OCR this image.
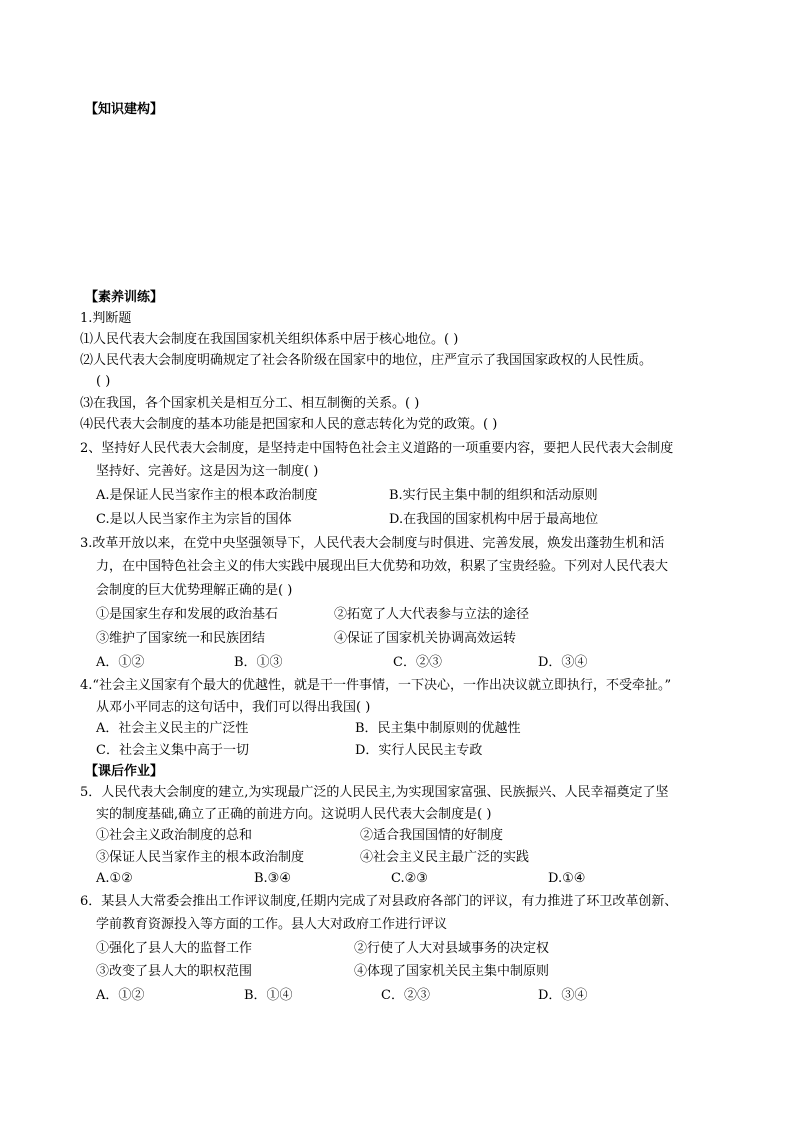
【知识建构】
【素养训练】
1.判断题
⑴人民代表大会制度在我国国家机关组织体系中居于核心地位。( )
⑵人民代表大会制度明确规定了社会各阶级在国家中的地位，庄严宣示了我国国家政权的人民性质。
( )
⑶在我国，各个国家机关是相互分工、相互制衡的关系。( )
⑷民代表大会制度的基本功能是把国家和人民的意志转化为党的政策。( )
2、坚持好人民代表大会制度，是坚持走中国特色社会主义道路的一项重要内容，要把人民代表大会制度
坚持好、完善好。这是因为这一制度( )
A.是保证人民当家作主的根本政治制度	B.实行民主集中制的组织和活动原则
C.是以人民当家作主为宗旨的国体	D.在我国的国家机构中居于最高地位
3.改革开放以来，在党中央坚强领导下，人民代表大会制度与时俱进、完善发展，焕发出蓬勃生机和活
力，在中国特色社会主义的伟大实践中展现出巨大优势和功效，积累了宝贵经验。下列对人民代表大
会制度的巨大优势理解正确的是( )
①是国家生存和发展的政治基石	②拓宽了人大代表参与立法的途径
③维护了国家统一和民族团结	④保证了国家机关协调高效运转
A．①②	B．①③	C．②③	D．③④
4.“社会主义国家有个最大的优越性，就是干一件事情，一下决心，一作出决议就立即执行，不受牵扯。”
从邓小平同志的这句话中，我们可以得出我国( )
A．社会主义民主的广泛性	B．民主集中制原则的优越性
C．社会主义集中高于一切	D．实行人民民主专政
【课后作业】
5．人民代表大会制度的建立,为实现最广泛的人民民主,为实现国家富强、民族振兴、人民幸福奠定了坚
实的制度基础,确立了正确的前进方向。这说明人民代表大会制度是( )
①社会主义政治制度的总和	②适合我国国情的好制度
③保证人民当家作主的根本政治制度	④社会主义民主最广泛的实践
A.①②	B.③④	C.②③	D.①④
6．某县人大常委会推出工作评议制度,任期内完成了对县政府各部门的评议，有力推进了环卫改革创新、
学前教育资源投入等方面的工作。县人大对政府工作进行评议
①强化了县人大的监督工作	②行使了人大对县域事务的决定权
③改变了县人大的职权范围	④体现了国家机关民主集中制原则
A．①②	B．①④	C．②③	D．③④
